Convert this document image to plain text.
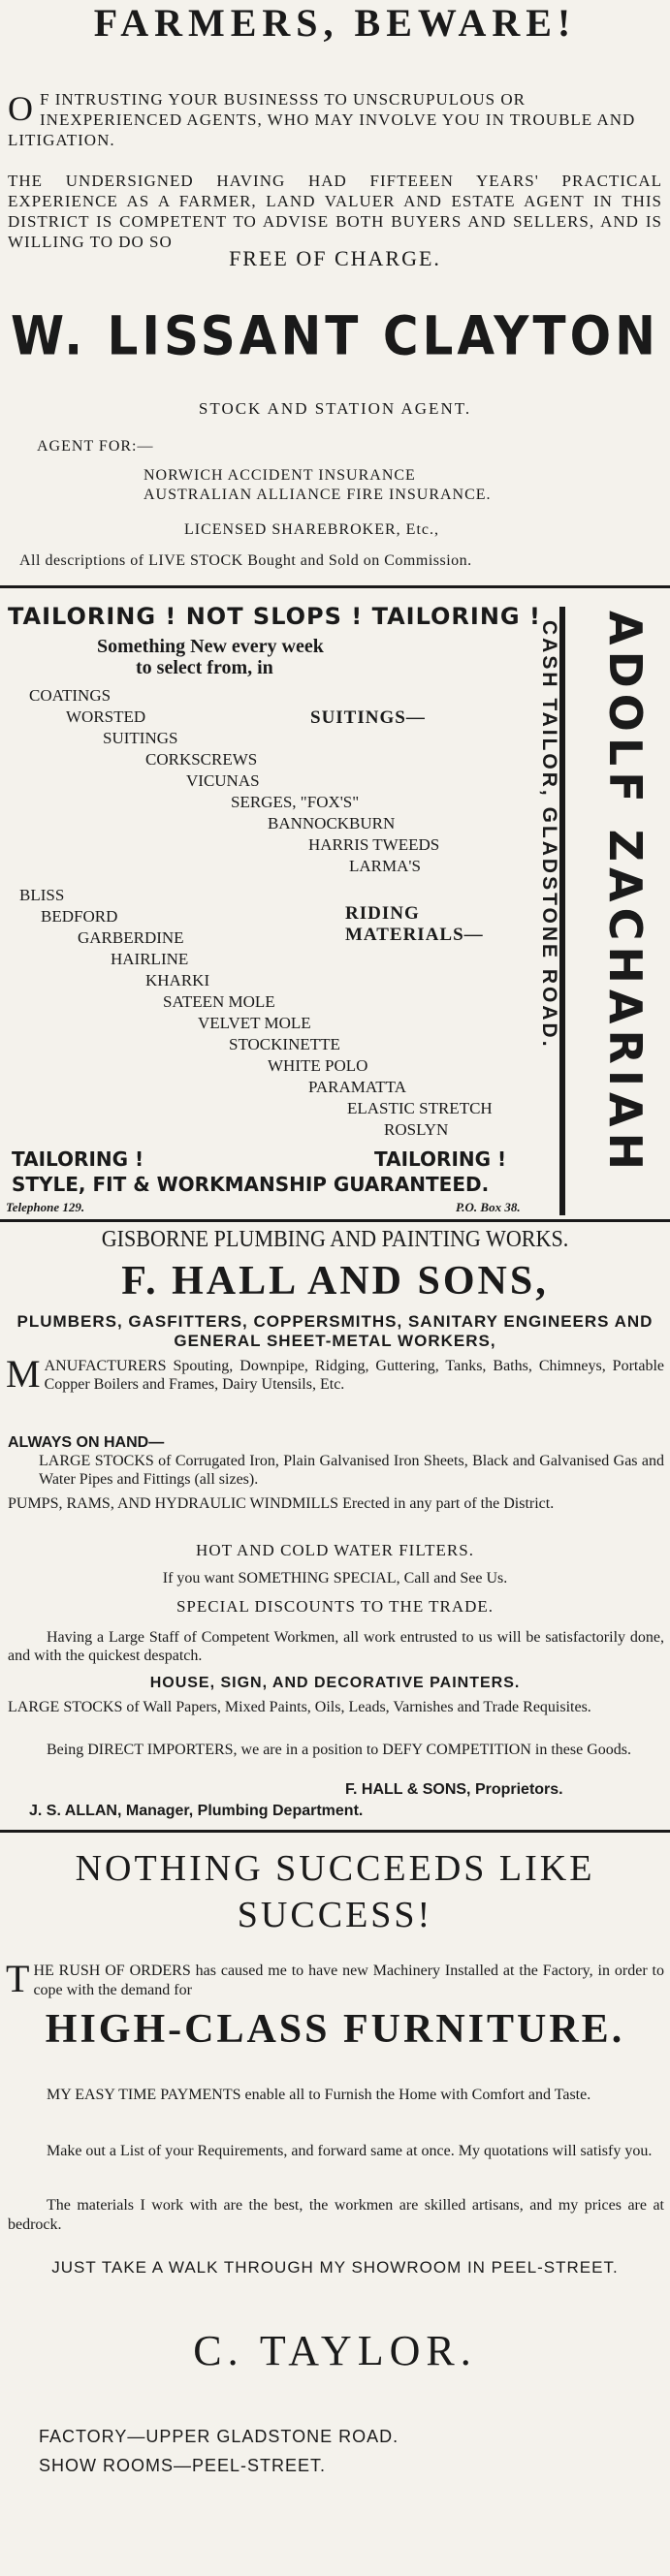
FARMERS, BEWARE!
O F INTRUSTING YOUR BUSINESSS TO UNSCRUPULOUS OR INEXPERIENCED AGENTS, WHO MAY INVOLVE YOU IN TROUBLE AND LITIGATION.
THE UNDERSIGNED HAVING HAD FIFTEEEN YEARS' PRACTICAL EXPERIENCE AS A FARMER, LAND VALUER AND ESTATE AGENT IN THIS DISTRICT IS COMPETENT TO ADVISE BOTH BUYERS AND SELLERS, AND IS WILLING TO DO SO
FREE OF CHARGE.
W. LISSANT CLAYTON
STOCK AND STATION AGENT.
AGENT FOR:—
NORWICH ACCIDENT INSURANCE
AUSTRALIAN ALLIANCE FIRE INSURANCE.
LICENSED SHAREBROKER, Etc.,
All descriptions of LIVE STOCK Bought and Sold on Commission.
TAILORING ! NOT SLOPS ! TAILORING !
Something New every week
to select from, in
COATINGS
WORSTED	SUITINGS—
SUITINGS
CORKSCREWS
VICUNAS
SERGES, "FOX'S"
BANNOCKBURN
HARRIS TWEEDS
LARMA'S
BLISS
BEDFORD	RIDING
GARBERDINE	MATERIALS—
HAIRLINE
KHARKI
SATEEN MOLE
VELVET MOLE
STOCKINETTE
WHITE POLO
PARAMATTA
ELASTIC STRETCH
ROSLYN
TAILORING !	TAILORING !
STYLE, FIT & WORKMANSHIP GUARANTEED.
Telephone 129.	P.O. Box 38.
CASH TAILOR, GLADSTONE ROAD. ADOLF ZACHARIAH
GISBORNE PLUMBING AND PAINTING WORKS.
F. HALL AND SONS,

PLUMBERS, GASFITTERS, COPPERSMITHS, SANITARY ENGINEERS AND GENERAL SHEET-METAL WORKERS,

M ANUFACTURERS Spouting, Downpipe, Ridging, Guttering, Tanks, Baths, Chimneys, Portable Copper Boilers and Frames, Dairy Utensils, Etc.
ALWAYS ON HAND—

LARGE STOCKS of Corrugated Iron, Plain Galvanised Iron Sheets, Black and Galvanised Gas and Water Pipes and Fittings (all sizes).

PUMPS, RAMS, AND HYDRAULIC WINDMILLS Erected in any part of the District.

HOT AND COLD WATER FILTERS.
If you want SOMETHING SPECIAL, Call and See Us.
SPECIAL DISCOUNTS TO THE TRADE.

Having a Large Staff of Competent Workmen, all work entrusted to us will be satisfactorily done, and with the quickest despatch.

HOUSE, SIGN, AND DECORATIVE PAINTERS.

LARGE STOCKS of Wall Papers, Mixed Paints, Oils, Leads, Varnishes and Trade Requisites.

Being DIRECT IMPORTERS, we are in a position to DEFY COMPETITION in these Goods.

F. HALL & SONS, Proprietors.
J. S. ALLAN, Manager, Plumbing Department.
NOTHING SUCCEEDS LIKE
SUCCESS!
T HE RUSH OF ORDERS has caused me to have new Machinery Installed at the Factory, in order to cope with the demand for
HIGH-CLASS FURNITURE.

MY EASY TIME PAYMENTS enable all to Furnish the Home with Comfort and Taste.

Make out a List of your Requirements, and forward same at once. My quotations will satisfy you.

The materials I work with are the best, the workmen are skilled artisans, and my prices are at bedrock.

JUST TAKE A WALK THROUGH MY SHOWROOM IN PEEL-STREET.
C. TAYLOR.
FACTORY—UPPER GLADSTONE ROAD.
SHOW ROOMS—PEEL-STREET.
